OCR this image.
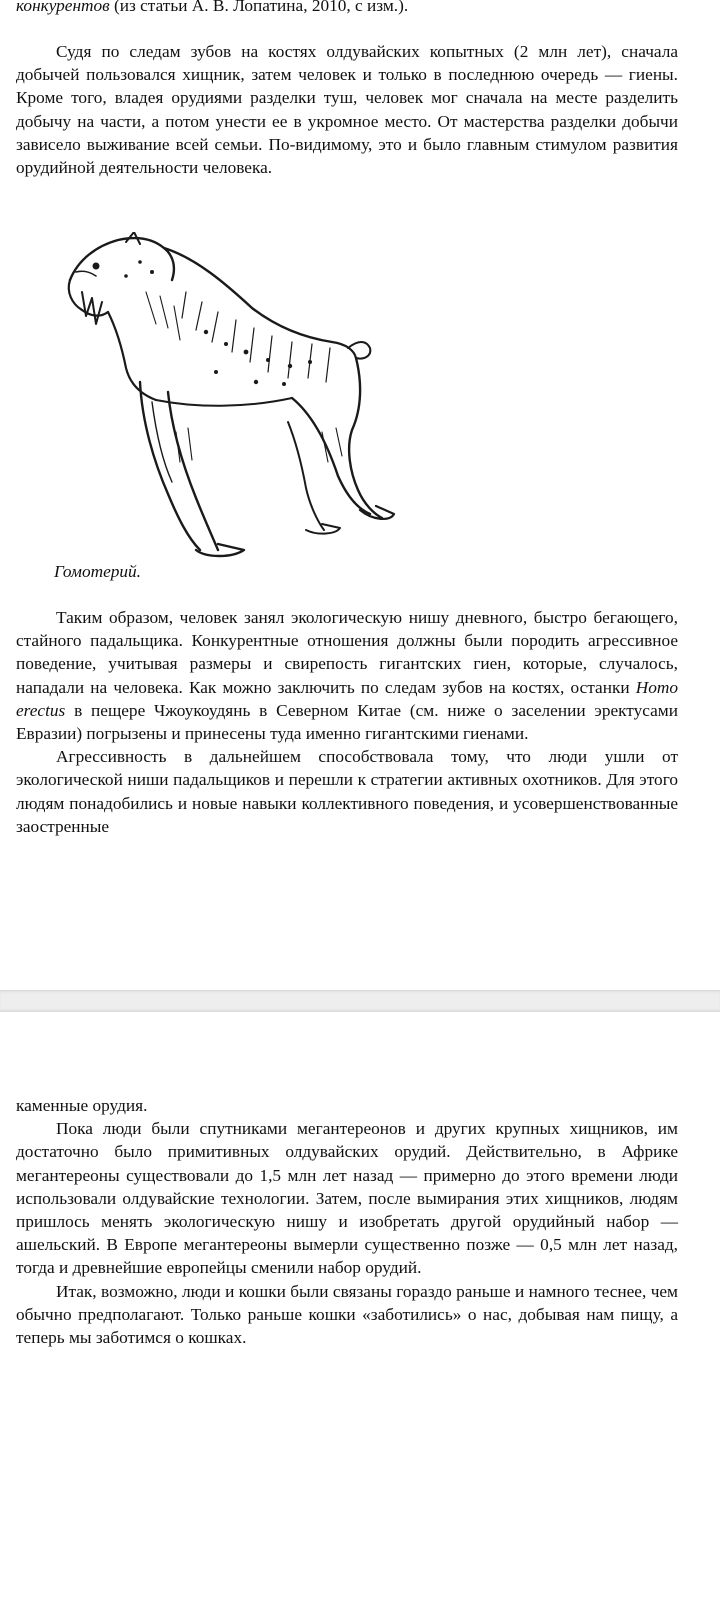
конкурентов (из статьи А. В. Лопатина, 2010, с изм.).

Судя по следам зубов на костях олдувайских копытных (2 млн лет), сначала добычей пользовался хищник, затем человек и только в последнюю очередь — гиены. Кроме того, владея орудиями разделки туш, человек мог сначала на месте разделить добычу на части, а потом унести ее в укромное место. От мастерства разделки добычи зависело выживание всей семьи. По-видимому, это и было главным стимулом развития орудийной деятельности человека.

Гомотерий.

Таким образом, человек занял экологическую нишу дневного, быстро бегающего, стайного падальщика. Конкурентные отношения должны были породить агрессивное поведение, учитывая размеры и свирепость гигантских гиен, которые, случалось, нападали на человека. Как можно заключить по следам зубов на костях, останки Homo erectus в пещере Чжоукоудянь в Северном Китае (см. ниже о заселении эректусами Евразии) погрызены и принесены туда именно гигантскими гиенами.

Агрессивность в дальнейшем способствовала тому, что люди ушли от экологической ниши падальщиков и перешли к стратегии активных охотников. Для этого людям понадобились и новые навыки коллективного поведения, и усовершенствованные заостренные

каменные орудия.

Пока люди были спутниками мегантереонов и других крупных хищников, им достаточно было примитивных олдувайских орудий. Действительно, в Африке мегантереоны существовали до 1,5 млн лет назад — примерно до этого времени люди использовали олдувайские технологии. Затем, после вымирания этих хищников, людям пришлось менять экологическую нишу и изобретать другой орудийный набор — ашельский. В Европе мегантереоны вымерли существенно позже — 0,5 млн лет назад, тогда и древнейшие европейцы сменили набор орудий.

Итак, возможно, люди и кошки были связаны гораздо раньше и намного теснее, чем обычно предполагают. Только раньше кошки «заботились» о нас, добывая нам пищу, а теперь мы заботимся о кошках.
